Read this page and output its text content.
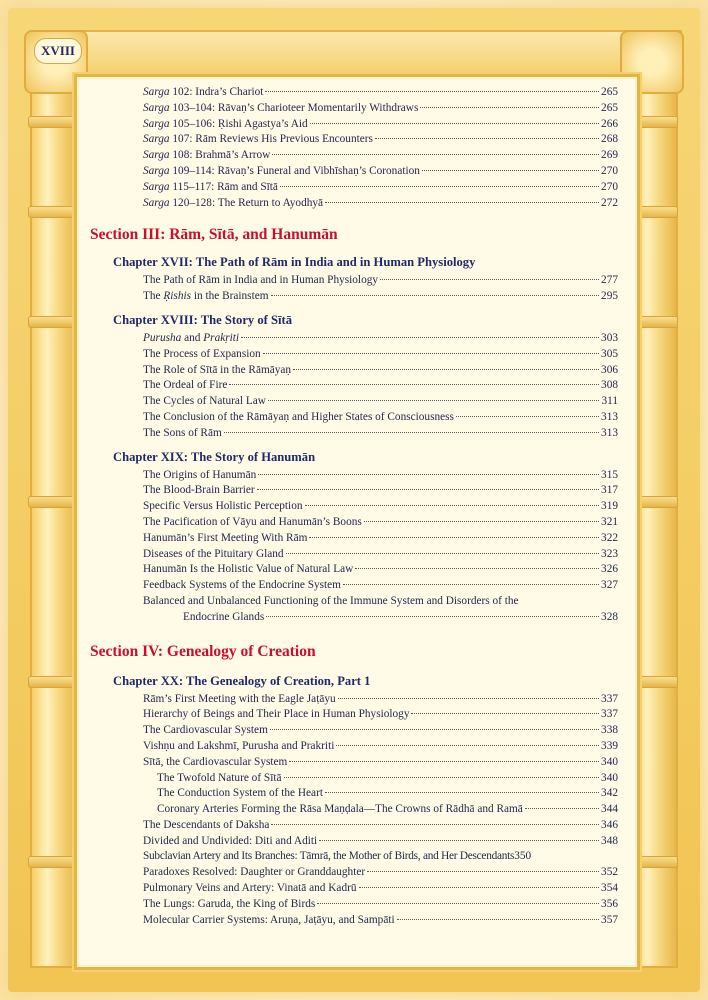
XVIII
Sarga 102: Indra’s Chariot	265
Sarga 103–104: Rāvaṇ’s Charioteer Momentarily Withdraws	265
Sarga 105–106: Ṛishi Agastya’s Aid	266
Sarga 107: Rām Reviews His Previous Encounters	268
Sarga 108: Brahmā’s Arrow	269
Sarga 109–114: Rāvaṇ’s Funeral and Vibhīshaṇ’s Coronation	270
Sarga 115–117: Rām and Sītā	270
Sarga 120–128: The Return to Ayodhyā	272
Section III: Rām, Sītā, and Hanumān
Chapter XVII: The Path of Rām in India and in Human Physiology
The Path of Rām in India and in Human Physiology	277
The Ṛishis in the Brainstem	295
Chapter XVIII: The Story of Sītā
Purusha and Prakṛiti	303
The Process of Expansion	305
The Role of Sītā in the Rāmāyaṇ	306
The Ordeal of Fire	308
The Cycles of Natural Law	311
The Conclusion of the Rāmāyaṇ and Higher States of Consciousness	313
The Sons of Rām	313
Chapter XIX: The Story of Hanumān
The Origins of Hanumān	315
The Blood-Brain Barrier	317
Specific Versus Holistic Perception	319
The Pacification of Vāyu and Hanumān’s Boons	321
Hanumān’s First Meeting With Rām	322
Diseases of the Pituitary Gland	323
Hanumān Is the Holistic Value of Natural Law	326
Feedback Systems of the Endocrine System	327
Balanced and Unbalanced Functioning of the Immune System and Disorders of the
Endocrine Glands	328
Section IV: Genealogy of Creation
Chapter XX: The Genealogy of Creation, Part 1
Rām’s First Meeting with the Eagle Jaṭāyu	337
Hierarchy of Beings and Their Place in Human Physiology	337
The Cardiovascular System	338
Vishṇu and Lakshmī, Purusha and Prakriti	339
Sītā, the Cardiovascular System	340
The Twofold Nature of Sītā	340
The Conduction System of the Heart	342
Coronary Arteries Forming the Rāsa Maṇḍala—The Crowns of Rādhā and Ramā	344
The Descendants of Daksha	346
Divided and Undivided: Diti and Aditi	348
Subclavian Artery and Its Branches: Tāmrā, the Mother of Birds, and Her Descendants 350
Paradoxes Resolved: Daughter or Granddaughter	352
Pulmonary Veins and Artery: Vinatā and Kadrū	354
The Lungs: Garuda, the King of Birds	356
Molecular Carrier Systems: Aruṇa, Jaṭāyu, and Sampāti	357
